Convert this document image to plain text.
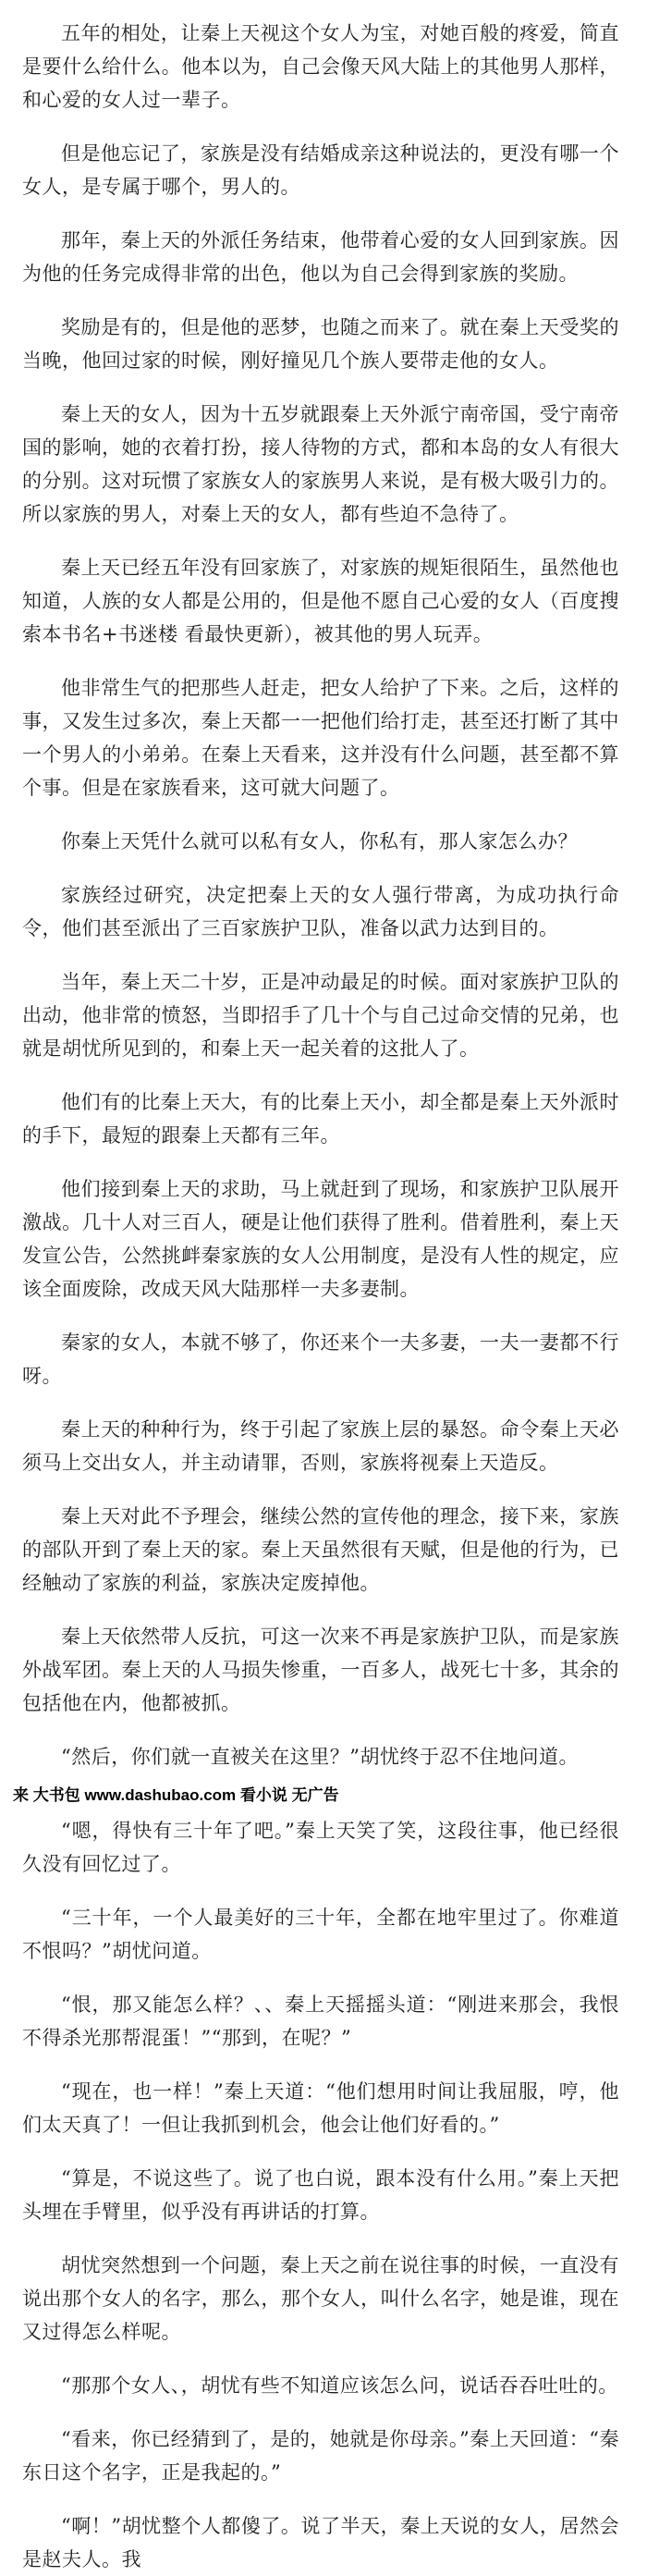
五年的相处，让秦上天视这个女人为宝，对她百般的疼爱，简直是要什么给什么。他本以为，自己会像天风大陆上的其他男人那样，和心爱的女人过一辈子。

但是他忘记了，家族是没有结婚成亲这种说法的，更没有哪一个女人，是专属于哪个，男人的。

那年，秦上天的外派任务结束，他带着心爱的女人回到家族。因为他的任务完成得非常的出色，他以为自己会得到家族的奖励。

奖励是有的，但是他的恶梦，也随之而来了。就在秦上天受奖的当晚，他回过家的时候，刚好撞见几个族人要带走他的女人。

秦上天的女人，因为十五岁就跟秦上天外派宁南帝国，受宁南帝国的影响，她的衣着打扮，接人待物的方式，都和本岛的女人有很大的分别。这对玩惯了家族女人的家族男人来说，是有极大吸引力的。所以家族的男人，对秦上天的女人，都有些迫不急待了。

秦上天已经五年没有回家族了，对家族的规矩很陌生，虽然他也知道，人族的女人都是公用的，但是他不愿自己心爱的女人（百度搜索本书名+书迷楼 看最快更新），被其他的男人玩弄。

他非常生气的把那些人赶走，把女人给护了下来。之后，这样的事，又发生过多次，秦上天都一一把他们给打走，甚至还打断了其中一个男人的小弟弟。在秦上天看来，这并没有什么问题，甚至都不算个事。但是在家族看来，这可就大问题了。

你秦上天凭什么就可以私有女人，你私有，那人家怎么办？

家族经过研究，决定把秦上天的女人强行带离，为成功执行命令，他们甚至派出了三百家族护卫队，准备以武力达到目的。

当年，秦上天二十岁，正是冲动最足的时候。面对家族护卫队的出动，他非常的愤怒，当即招手了几十个与自己过命交情的兄弟，也就是胡忧所见到的，和秦上天一起关着的这批人了。

他们有的比秦上天大，有的比秦上天小，却全都是秦上天外派时的手下，最短的跟秦上天都有三年。

他们接到秦上天的求助，马上就赶到了现场，和家族护卫队展开激战。几十人对三百人，硬是让他们获得了胜利。借着胜利，秦上天发宣公告，公然挑衅秦家族的女人公用制度，是没有人性的规定，应该全面废除，改成天风大陆那样一夫多妻制。

秦家的女人，本就不够了，你还来个一夫多妻，一夫一妻都不行呀。

秦上天的种种行为，终于引起了家族上层的暴怒。命令秦上天必须马上交出女人，并主动请罪，否则，家族将视秦上天造反。

秦上天对此不予理会，继续公然的宣传他的理念，接下来，家族的部队开到了秦上天的家。秦上天虽然很有天赋，但是他的行为，已经触动了家族的利益，家族决定废掉他。

秦上天依然带人反抗，可这一次来不再是家族护卫队，而是家族外战军团。秦上天的人马损失惨重，一百多人，战死七十多，其余的包括他在内，他都被抓。

“然后，你们就一直被关在这里？”胡忧终于忍不住地问道。

来 大书包 www.dashubao.com 看小说 无广告

“嗯，得快有三十年了吧。”秦上天笑了笑，这段往事，他已经很久没有回忆过了。

“三十年，一个人最美好的三十年，全都在地牢里过了。你难道不恨吗？”胡忧问道。

“恨，那又能怎么样？、、秦上天摇摇头道：“刚进来那会，我恨不得杀光那帮混蛋！”“那到，在呢？”

“现在，也一样！”秦上天道：“他们想用时间让我屈服，哼，他们太天真了！一但让我抓到机会，他会让他们好看的。”

“算是，不说这些了。说了也白说，跟本没有什么用。”秦上天把头埋在手臂里，似乎没有再讲话的打算。

胡忧突然想到一个问题，秦上天之前在说往事的时候，一直没有说出那个女人的名字，那么，那个女人，叫什么名字，她是谁，现在又过得怎么样呢。

“那那个女人、，胡忧有些不知道应该怎么问，说话吞吞吐吐的。

“看来，你已经猜到了，是的，她就是你母亲。”秦上天回道：“秦东日这个名字，正是我起的。”

“啊！”胡忧整个人都傻了。说了半天，秦上天说的女人，居然会是赵夫人。我
